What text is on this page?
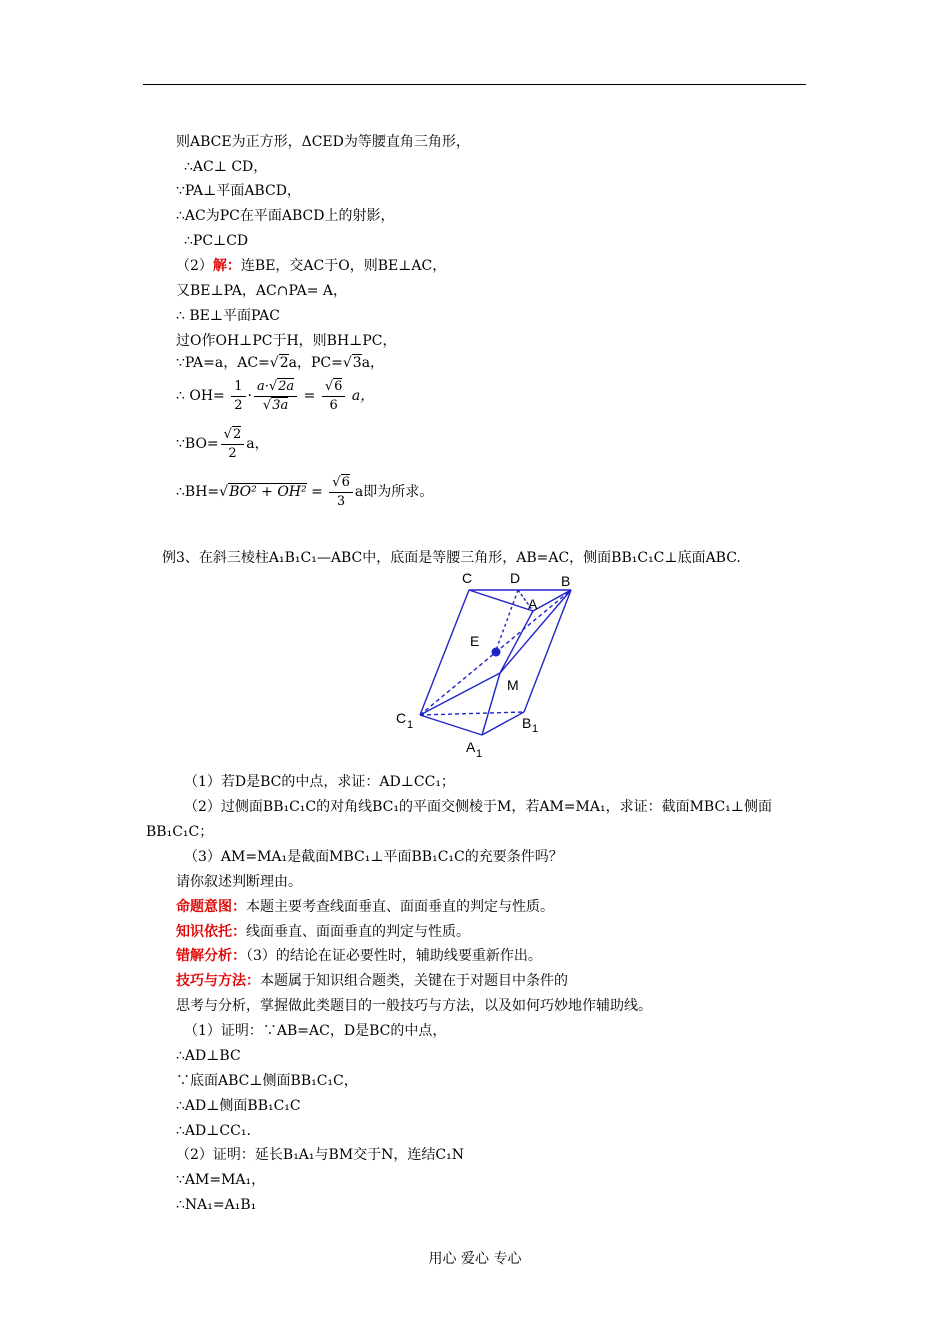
则ABCE为正方形，ΔCED为等腰直角三角形，
∴AC⊥ CD，
∵PA⊥平面ABCD，
∴AC为PC在平面ABCD上的射影，
∴PC⊥CD
（2）解：连BE，交AC于O，则BE⊥AC，
又BE⊥PA，AC∩PA= A，
∴ BE⊥平面PAC
过O作OH⊥PC于H，则BH⊥PC，
∵PA=a，AC=√2a，PC=√3a，
∴ $OH= \frac{1}{2} \cdot \frac{a\cdot√2a}{√3a} = \frac{√6}{6}$ a，
∵BO= $\frac{√2}{2}$ a，
∴BH=√BO² + $OH^2 = \frac{√6}{3}$ a即为所求。
例3、在斜三棱柱A₁B₁C₁—ABC中，底面是等腰三角形，AB=AC，侧面BB₁C₁C⊥底面ABC.
C	D	B
A
E
M
C 1	B 1
A 1
（1）若D是BC的中点，求证：AD⊥CC₁；
（2）过侧面BB₁C₁C的对角线BC₁的平面交侧棱于M，若AM=MA₁，求证：截面MBC₁⊥侧面
BB₁C₁C；
（3）AM=MA₁是截面MBC₁⊥平面BB₁C₁C的充要条件吗？
请你叙述判断理由。
命题意图：本题主要考查线面垂直、面面垂直的判定与性质。
知识依托：线面垂直、面面垂直的判定与性质。
错解分析：（3）的结论在证必要性时，辅助线要重新作出。
技巧与方法：本题属于知识组合题类，关键在于对题目中条件的
思考与分析，掌握做此类题目的一般技巧与方法，以及如何巧妙地作辅助线。
（1）证明：∵AB=AC，D是BC的中点，
∴AD⊥BC
∵底面ABC⊥侧面BB₁C₁C，
∴AD⊥侧面BB₁C₁C
∴AD⊥CC₁.
（2）证明：延长B₁A₁与BM交于N，连结C₁N
∵AM=MA₁，
∴NA₁=A₁B₁
用心 爱心 专心
